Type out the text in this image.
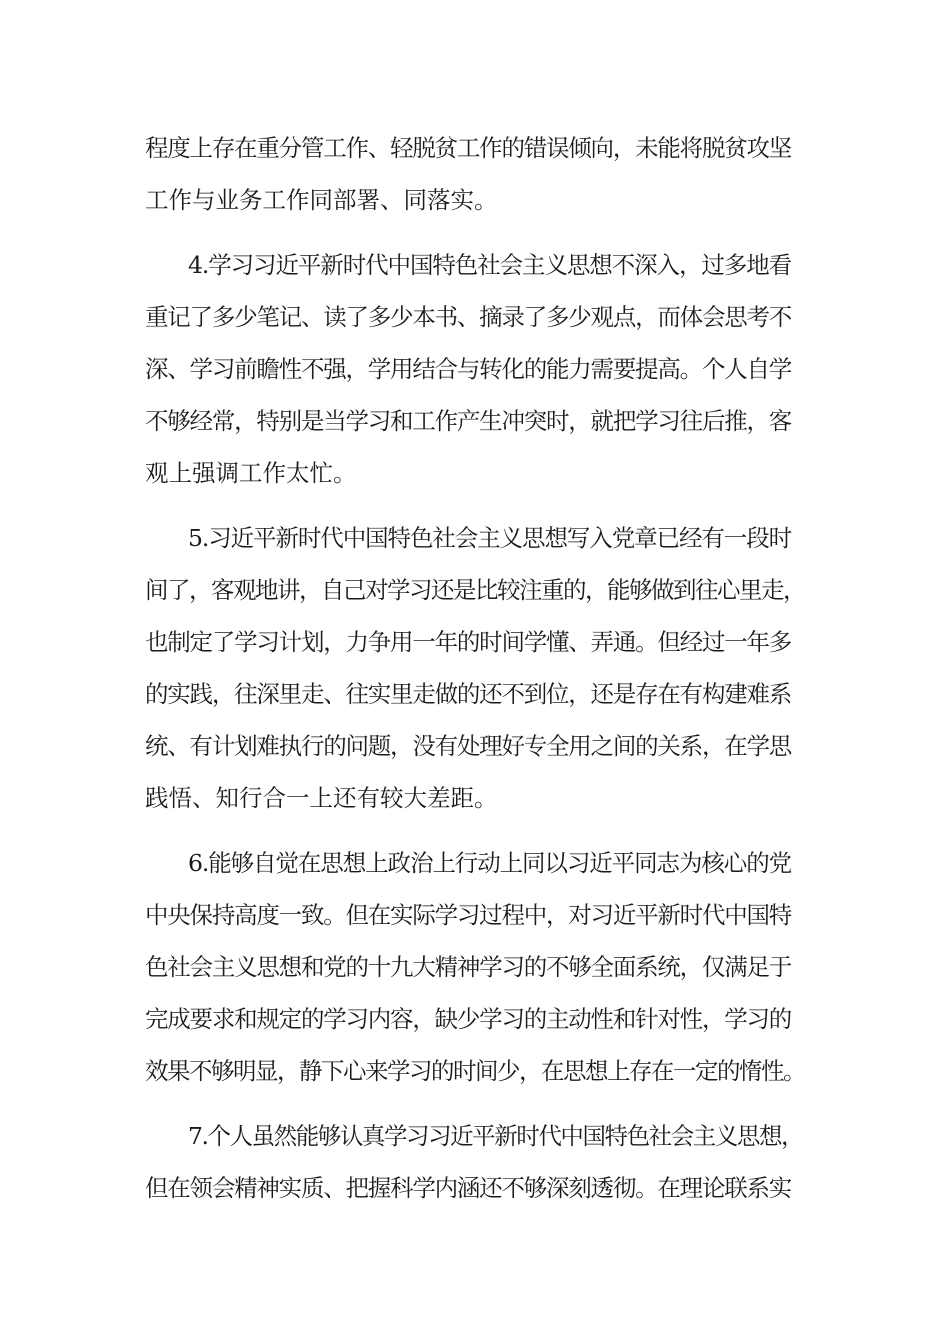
程度上存在重分管工作、轻脱贫工作的错误倾向，未能将脱贫攻坚
工作与业务工作同部署、同落实。
4.学习习近平新时代中国特色社会主义思想不深入，过多地看
重记了多少笔记、读了多少本书、摘录了多少观点，而体会思考不
深、学习前瞻性不强，学用结合与转化的能力需要提高。个人自学
不够经常，特别是当学习和工作产生冲突时，就把学习往后推，客
观上强调工作太忙。
5.习近平新时代中国特色社会主义思想写入党章已经有一段时
间了，客观地讲，自己对学习还是比较注重的，能够做到往心里走，
也制定了学习计划，力争用一年的时间学懂、弄通。但经过一年多
的实践，往深里走、往实里走做的还不到位，还是存在有构建难系
统、有计划难执行的问题，没有处理好专全用之间的关系，在学思
践悟、知行合一上还有较大差距。
6.能够自觉在思想上政治上行动上同以习近平同志为核心的党
中央保持高度一致。但在实际学习过程中，对习近平新时代中国特
色社会主义思想和党的十九大精神学习的不够全面系统，仅满足于
完成要求和规定的学习内容，缺少学习的主动性和针对性，学习的
效果不够明显，静下心来学习的时间少，在思想上存在一定的惰性。
7.个人虽然能够认真学习习近平新时代中国特色社会主义思想，
但在领会精神实质、把握科学内涵还不够深刻透彻。在理论联系实
